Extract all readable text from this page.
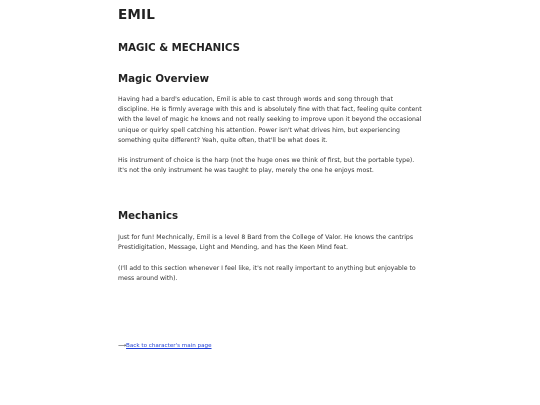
EMIL
MAGIC & MECHANICS
Magic Overview

Having had a bard's education, Emil is able to cast through words and song through that discipline. He is firmly average with this and is absolutely fine with that fact, feeling quite content with the level of magic he knows and not really seeking to improve upon it beyond the occasional unique or quirky spell catching his attention. Power isn't what drives him, but experiencing something quite different? Yeah, quite often, that'll be what does it.

His instrument of choice is the harp (not the huge ones we think of first, but the portable type). It's not the only instrument he was taught to play, merely the one he enjoys most.

Mechanics

Just for fun! Mechnically, Emil is a level 8 Bard from the College of Valor. He knows the cantrips Prestidigitation, Message, Light and Mending, and has the Keen Mind feat.

(I'll add to this section whenever I feel like, it's not really important to anything but enjoyable to mess around with).

⟶Back to character's main page
